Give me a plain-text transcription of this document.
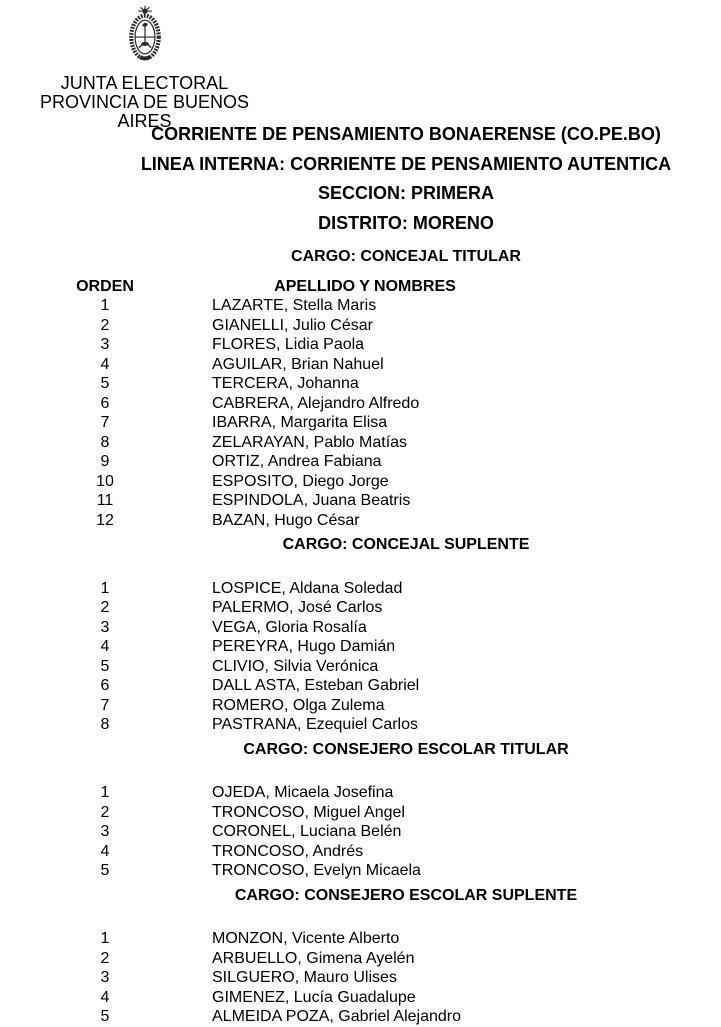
JUNTA ELECTORAL
PROVINCIA DE BUENOS AIRES
CORRIENTE DE PENSAMIENTO BONAERENSE (CO.PE.BO)
LINEA INTERNA: CORRIENTE DE PENSAMIENTO AUTENTICA
SECCION: PRIMERA
DISTRITO: MORENO
CARGO: CONCEJAL TITULAR
ORDEN	APELLIDO Y NOMBRES
1	LAZARTE, Stella Maris
2	GIANELLI, Julio César
3	FLORES, Lidia Paola
4	AGUILAR, Brian Nahuel
5	TERCERA, Johanna
6	CABRERA, Alejandro Alfredo
7	IBARRA, Margarita Elisa
8	ZELARAYAN, Pablo Matías
9	ORTIZ, Andrea Fabiana
10	ESPOSITO, Diego Jorge
11	ESPINDOLA, Juana Beatris
12	BAZAN, Hugo César
CARGO: CONCEJAL SUPLENTE
1	LOSPICE, Aldana Soledad
2	PALERMO, José Carlos
3	VEGA, Gloria Rosalía
4	PEREYRA, Hugo Damián
5	CLIVIO, Silvia Verónica
6	DALL ASTA, Esteban Gabriel
7	ROMERO, Olga Zulema
8	PASTRANA, Ezequiel Carlos
CARGO: CONSEJERO ESCOLAR TITULAR
1	OJEDA, Micaela Josefina
2	TRONCOSO, Miguel Angel
3	CORONEL, Luciana Belén
4	TRONCOSO, Andrés
5	TRONCOSO, Evelyn Micaela
CARGO: CONSEJERO ESCOLAR SUPLENTE
1	MONZON, Vicente Alberto
2	ARBUELLO, Gimena Ayelén
3	SILGUERO, Mauro Ulises
4	GIMENEZ, Lucía Guadalupe
5	ALMEIDA POZA, Gabriel Alejandro
